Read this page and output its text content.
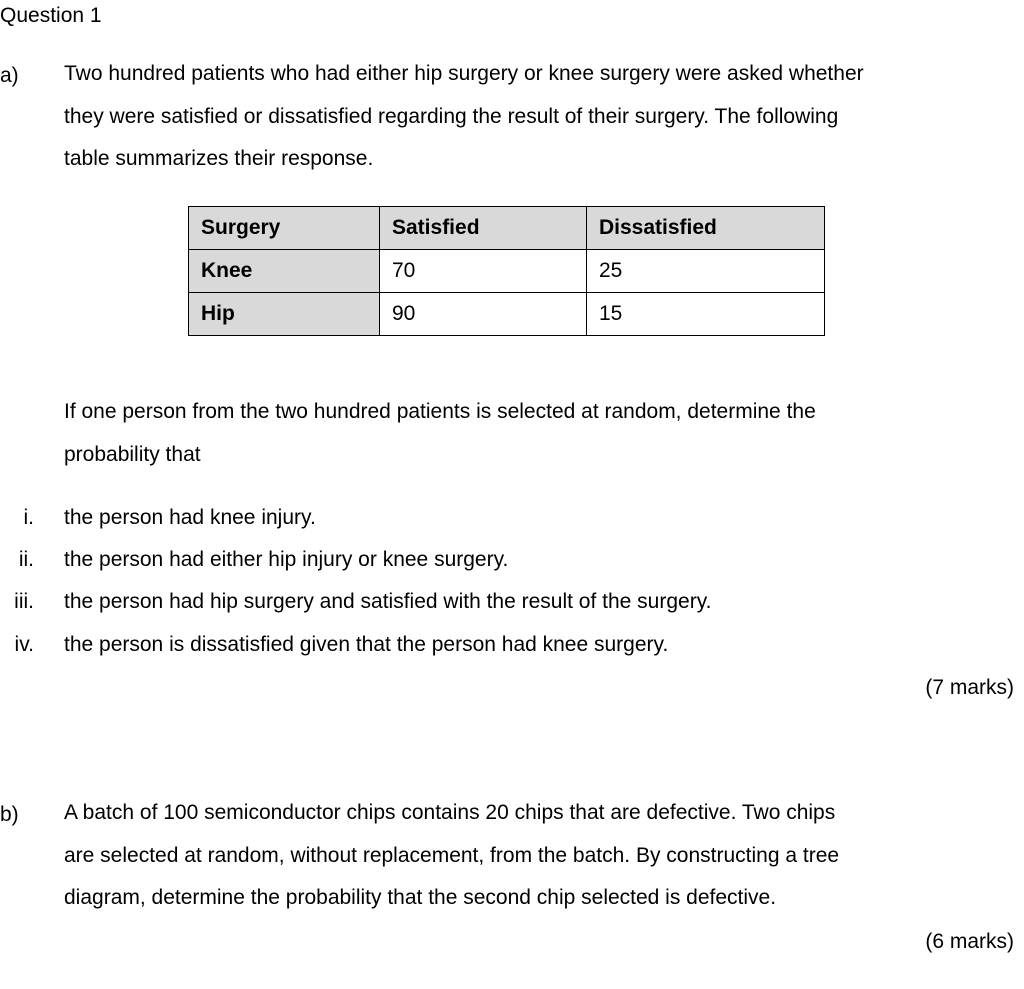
Question 1
a) Two hundred patients who had either hip surgery or knee surgery were asked whether
they were satisfied or dissatisfied regarding the result of their surgery. The following
table summarizes their response.
Surgery	Satisfied	Dissatisfied
Knee	70	25
Hip	90	15
If one person from the two hundred patients is selected at random, determine the
probability that
i. the person had knee injury.
ii. the person had either hip injury or knee surgery.
iii. the person had hip surgery and satisfied with the result of the surgery.
iv. the person is dissatisfied given that the person had knee surgery.
(7 marks)
b) A batch of 100 semiconductor chips contains 20 chips that are defective. Two chips
are selected at random, without replacement, from the batch. By constructing a tree
diagram, determine the probability that the second chip selected is defective.
(6 marks)
